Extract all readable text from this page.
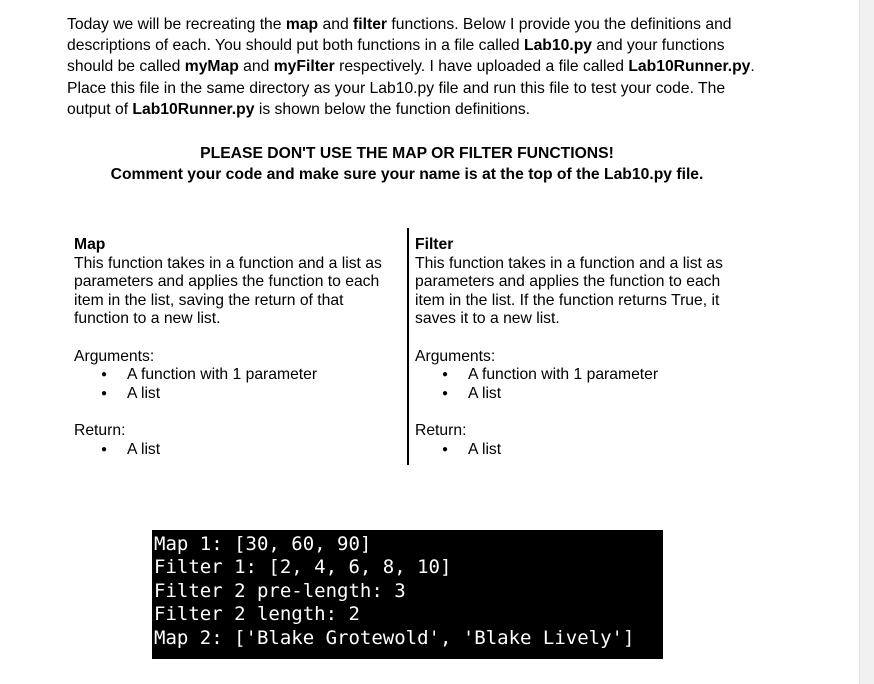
Today we will be recreating the map and filter functions. Below I provide you the definitions and descriptions of each. You should put both functions in a file called Lab10.py and your functions should be called myMap and myFilter respectively. I have uploaded a file called Lab10Runner.py. Place this file in the same directory as your Lab10.py file and run this file to test your code. The output of Lab10Runner.py is shown below the function definitions.

PLEASE DON'T USE THE MAP OR FILTER FUNCTIONS!

Comment your code and make sure your name is at the top of the Lab10.py file.

Map

This function takes in a function and a list as

parameters and applies the function to each

item in the list, saving the return of that

function to a new list.

Arguments:

● A function with 1 parameter
● A list

Return:

● A list

Filter

This function takes in a function and a list as

parameters and applies the function to each

item in the list. If the function returns True, it

saves it to a new list.

Arguments:

● A function with 1 parameter
● A list

Return:

● A list
Map 1: [30, 60, 90]
Filter 1: [2, 4, 6, 8, 10]
Filter 2 pre-length: 3
Filter 2 length: 2
Map 2: ['Blake Grotewold', 'Blake Lively']
